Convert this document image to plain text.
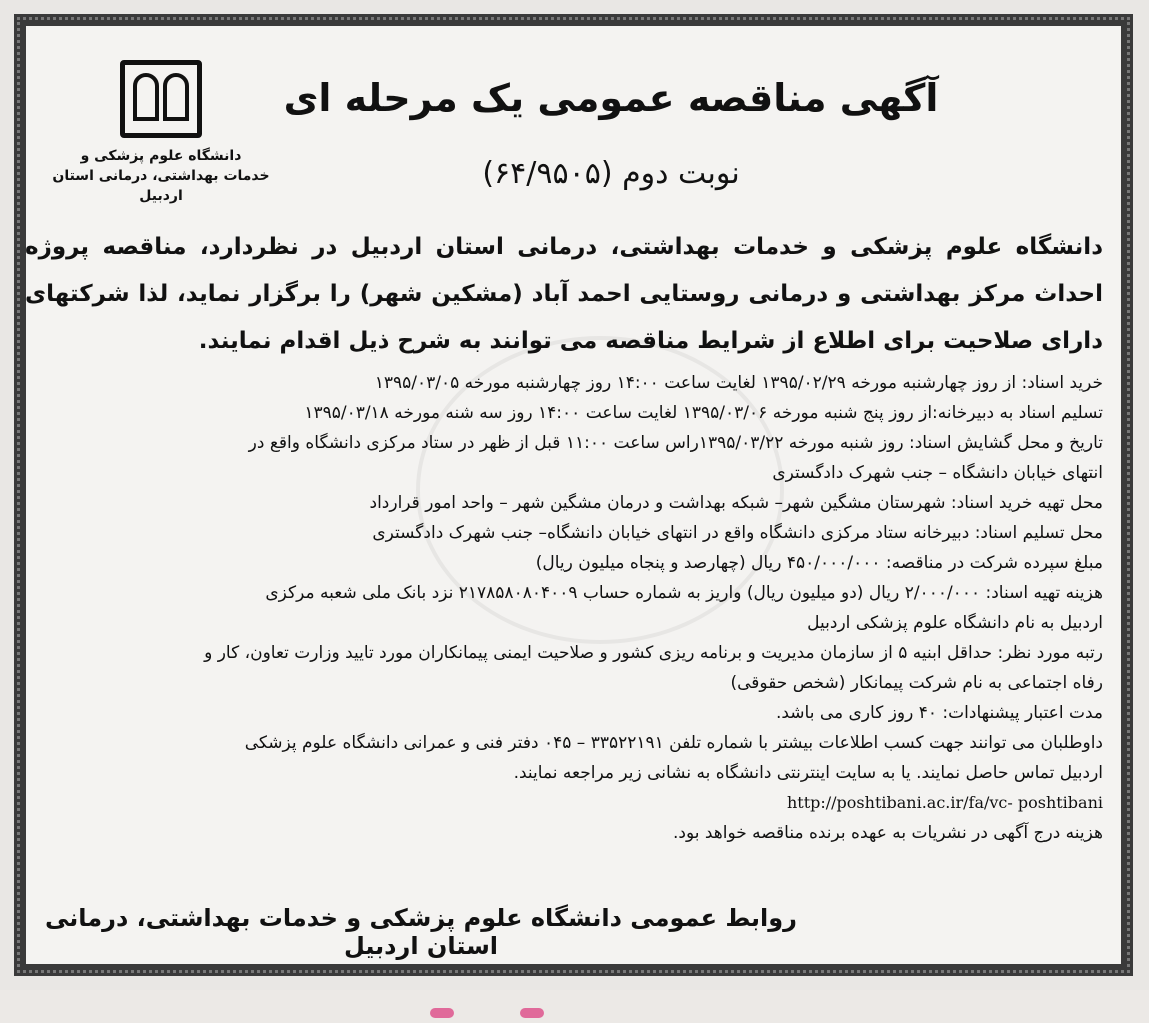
دانشگاه علوم پزشکی و
خدمات بهداشتی، درمانی استان اردبیل
آگهی مناقصه عمومی یک مرحله ای
نوبت دوم (۶۴/۹۵۰۵)
دانشگاه علوم پزشکی و خدمات بهداشتی، درمانی استان اردبیل در نظردارد، مناقصه پروژه احداث مرکز بهداشتی و درمانی روستایی احمد آباد (مشکین شهر) را برگزار نماید، لذا شرکتهای دارای صلاحیت برای اطلاع از شرایط مناقصه می توانند به شرح ذیل اقدام نمایند.
خرید اسناد: از روز چهارشنبه مورخه ۱۳۹۵/۰۲/۲۹ لغایت ساعت ۱۴:۰۰ روز چهارشنبه مورخه ۱۳۹۵/۰۳/۰۵
تسلیم اسناد به دبیرخانه:از روز پنج شنبه مورخه ۱۳۹۵/۰۳/۰۶ لغایت ساعت ۱۴:۰۰ روز سه شنه مورخه ۱۳۹۵/۰۳/۱۸
تاریخ و محل گشایش اسناد: روز شنبه مورخه ۱۳۹۵/۰۳/۲۲راس ساعت ۱۱:۰۰ قبل از ظهر در ستاد مرکزی دانشگاه واقع در
انتهای خیابان دانشگاه – جنب شهرک دادگستری
محل تهیه خرید اسناد: شهرستان مشگین شهر– شبکه بهداشت و درمان مشگین شهر – واحد امور قرارداد
محل تسلیم اسناد: دبیرخانه ستاد مرکزی دانشگاه واقع در انتهای خیابان دانشگاه– جنب شهرک دادگستری
مبلغ سپرده شرکت در مناقصه: ۴۵۰/۰۰۰/۰۰۰ ریال (چهارصد و پنجاه میلیون ریال)
هزینه تهیه اسناد: ۲/۰۰۰/۰۰۰ ریال (دو میلیون ریال) واریز به شماره حساب ۲۱۷۸۵۸۰۸۰۴۰۰۹ نزد بانک ملی شعبه مرکزی
اردبیل به نام دانشگاه علوم پزشکی اردبیل
رتبه مورد نظر: حداقل ابنیه ۵ از سازمان مدیریت و برنامه ریزی کشور و صلاحیت ایمنی پیمانکاران مورد تایید وزارت تعاون، کار و
رفاه اجتماعی به نام شرکت پیمانکار (شخص حقوقی)
مدت اعتبار پیشنهادات: ۴۰ روز کاری می باشد.
داوطلبان می توانند جهت کسب اطلاعات بیشتر با شماره تلفن ۳۳۵۲۲۱۹۱ – ۰۴۵ دفتر فنی و عمرانی دانشگاه علوم پزشکی
اردبیل تماس حاصل نمایند. یا به سایت اینترنتی دانشگاه به نشانی زیر مراجعه نمایند.
http://poshtibani.ac.ir/fa/vc- poshtibani
هزینه درج آگهی در نشریات به عهده برنده مناقصه خواهد بود.
روابط عمومی دانشگاه علوم پزشکی و خدمات بهداشتی، درمانی استان اردبیل
